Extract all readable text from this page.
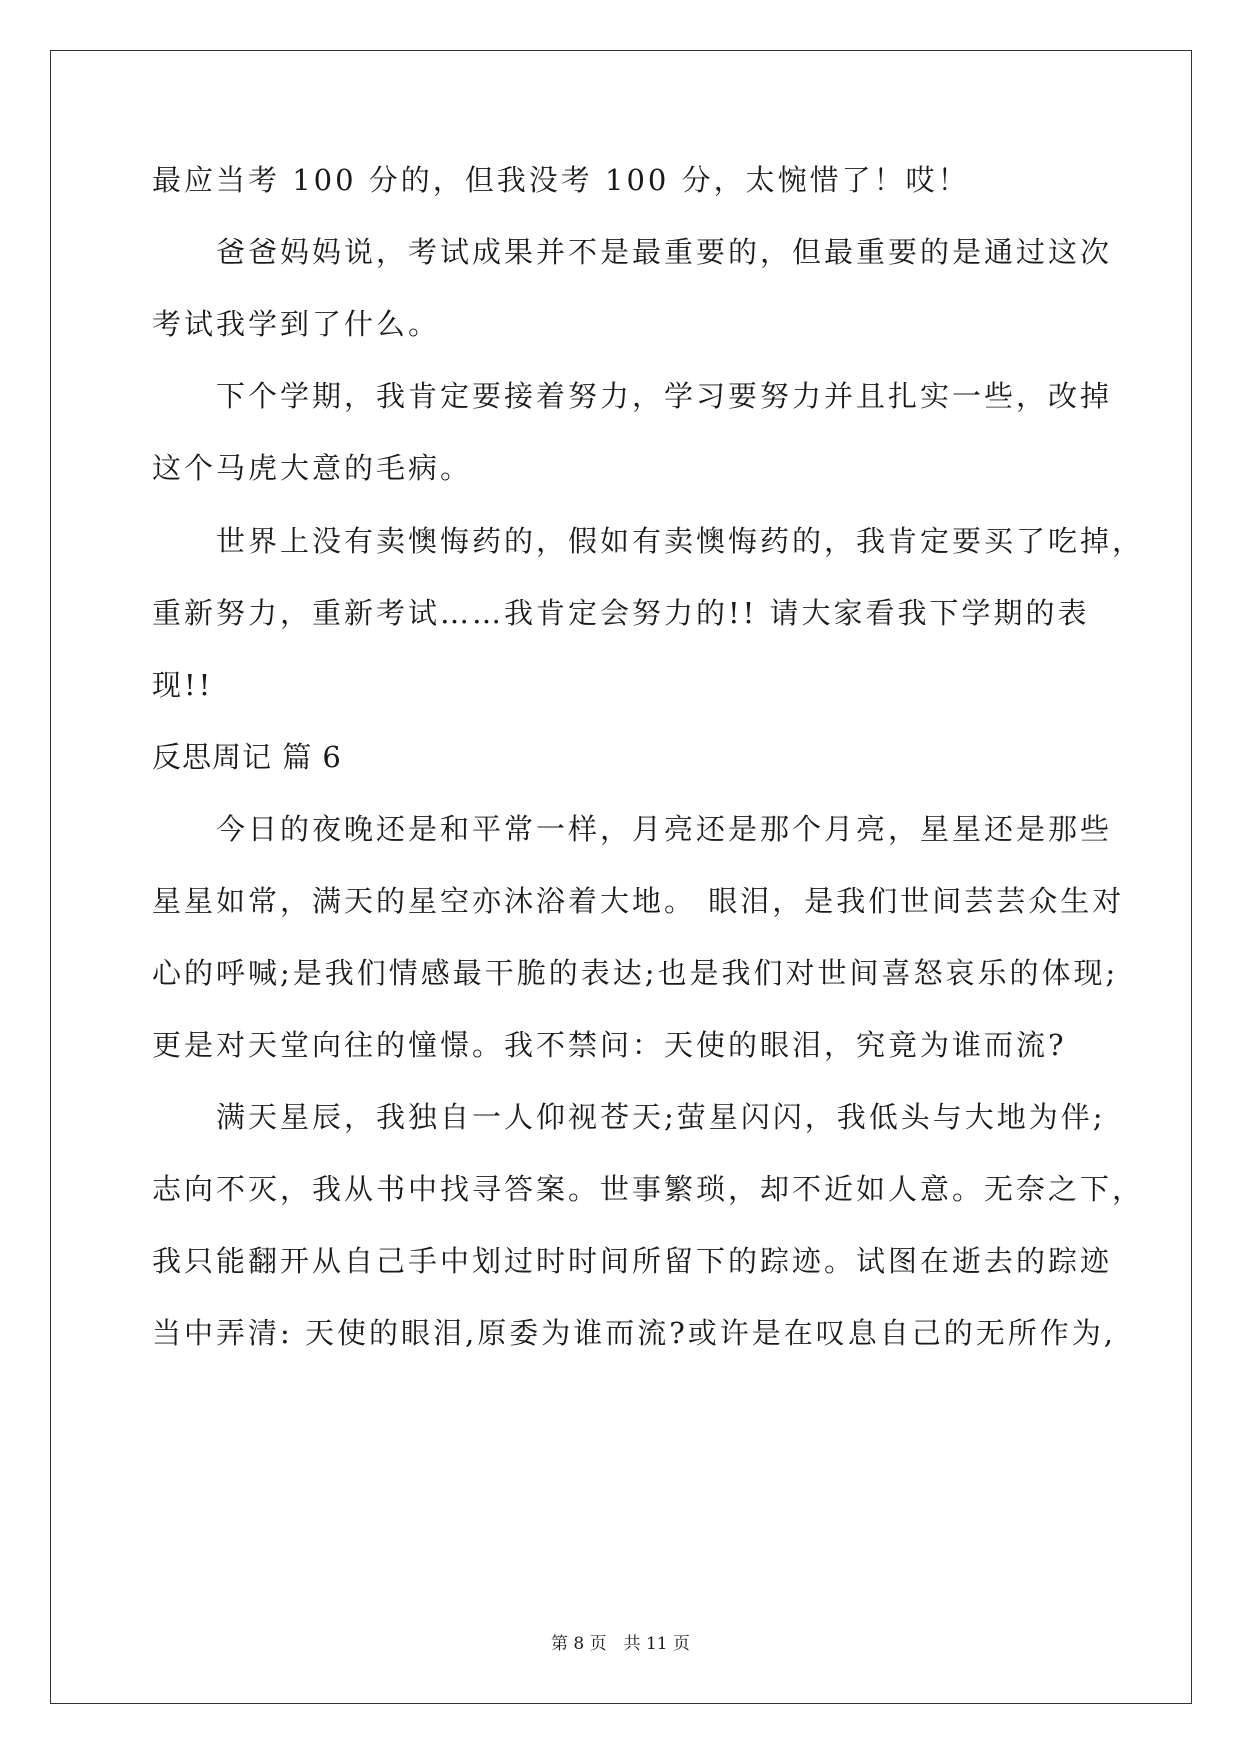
最应当考 100 分的，但我没考 100 分，太惋惜了！哎！
爸爸妈妈说，考试成果并不是最重要的，但最重要的是通过这次
考试我学到了什么。
下个学期，我肯定要接着努力，学习要努力并且扎实一些，改掉
这个马虎大意的毛病。
世界上没有卖懊悔药的，假如有卖懊悔药的，我肯定要买了吃掉，
重新努力，重新考试……我肯定会努力的!! 请大家看我下学期的表
现!!
反思周记 篇 6
今日的夜晚还是和平常一样，月亮还是那个月亮，星星还是那些
星星如常，满天的星空亦沐浴着大地。 眼泪，是我们世间芸芸众生对
心的呼喊;是我们情感最干脆的表达;也是我们对世间喜怒哀乐的体现;
更是对天堂向往的憧憬。我不禁问：天使的眼泪，究竟为谁而流?
满天星辰，我独自一人仰视苍天;萤星闪闪，我低头与大地为伴;
志向不灭，我从书中找寻答案。世事繁琐，却不近如人意。无奈之下，
我只能翻开从自己手中划过时时间所留下的踪迹。试图在逝去的踪迹
当中弄清: 天使的眼泪,原委为谁而流?或许是在叹息自己的无所作为,
第 8 页　共 11 页
